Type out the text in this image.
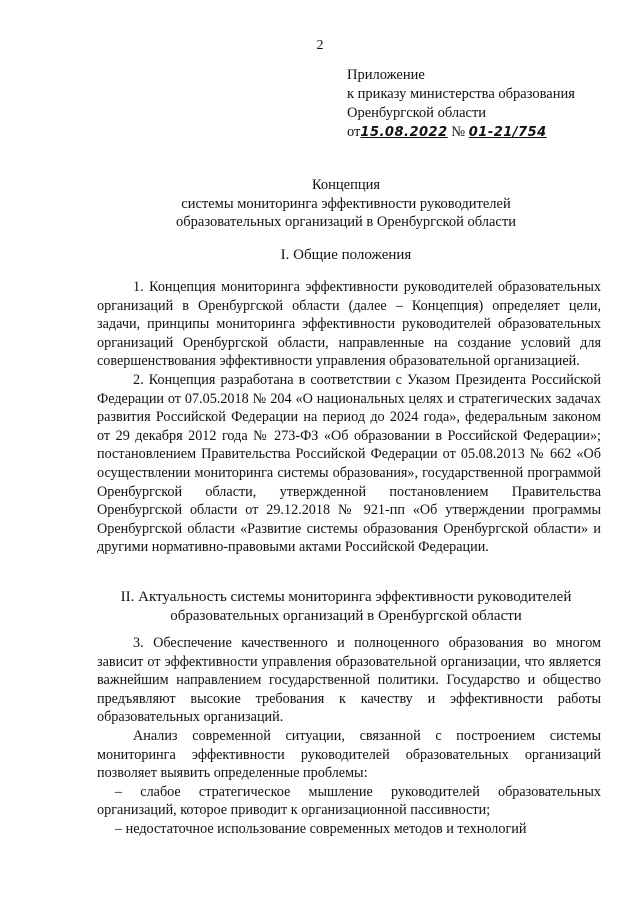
2
Приложение
к приказу министерства образования
Оренбургской области
от15.08.2022 № 01-21/754
Концепция
системы мониторинга эффективности руководителей
образовательных организаций в Оренбургской области
I. Общие положения

1. Концепция мониторинга эффективности руководителей образовательных организаций в Оренбургской области (далее – Концепция) определяет цели, задачи, принципы мониторинга эффективности руководителей образовательных организаций Оренбургской области, направленные на создание условий для совершенствования эффективности управления образовательной организацией.

2. Концепция разработана в соответствии с Указом Президента Российской Федерации от 07.05.2018 № 204 «О национальных целях и стратегических задачах развития Российской Федерации на период до 2024 года», федеральным законом от 29 декабря 2012 года № 273-ФЗ «Об образовании в Российской Федерации»; постановлением Правительства Российской Федерации от 05.08.2013 № 662 «Об осуществлении мониторинга системы образования», государственной программой Оренбургской области, утвержденной постановлением Правительства Оренбургской области от 29.12.2018 № 921-пп «Об утверждении программы Оренбургской области «Развитие системы образования Оренбургской области» и другими нормативно-правовыми актами Российской Федерации.

II. Актуальность системы мониторинга эффективности руководителей
образовательных организаций в Оренбургской области

3. Обеспечение качественного и полноценного образования во многом зависит от эффективности управления образовательной организации, что является важнейшим направлением государственной политики. Государство и общество предъявляют высокие требования к качеству и эффективности работы образовательных организаций.

Анализ современной ситуации, связанной с построением системы мониторинга эффективности руководителей образовательных организаций позволяет выявить определенные проблемы:

– слабое стратегическое мышление руководителей образовательных организаций, которое приводит к организационной пассивности;

– недостаточное использование современных методов и технологий
